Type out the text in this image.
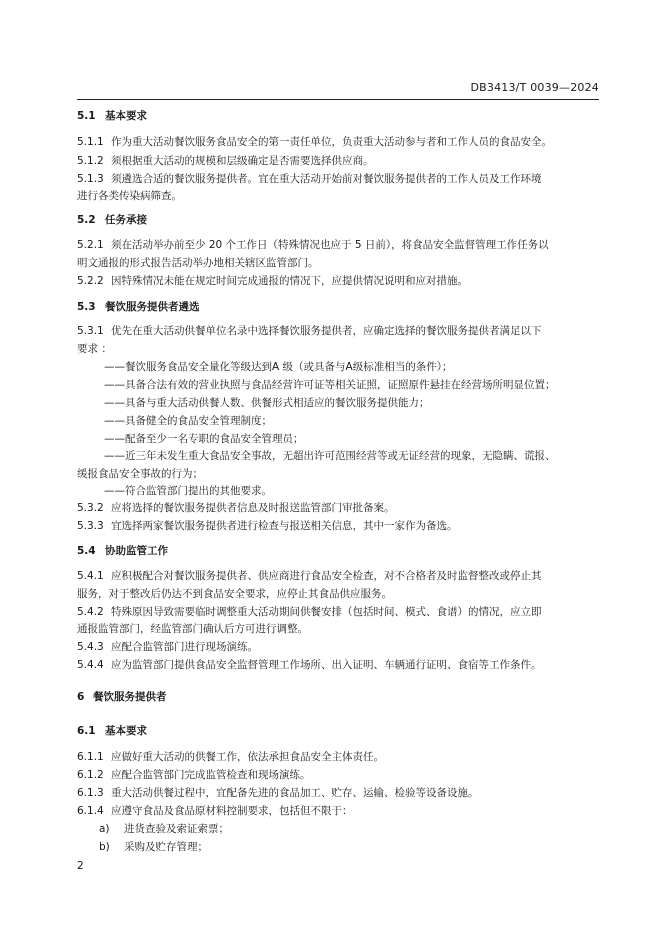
DB3413/T 0039—2024
5.1 基本要求
5.1.1 作为重大活动餐饮服务食品安全的第一责任单位，负责重大活动参与者和工作人员的食品安全。
5.1.2 须根据重大活动的规模和层级确定是否需要选择供应商。
5.1.3 须遴选合适的餐饮服务提供者。宜在重大活动开始前对餐饮服务提供者的工作人员及工作环境
进行各类传染病筛查。
5.2 任务承接
5.2.1 须在活动举办前至少 20 个工作日（特殊情况也应于 5 日前），将食品安全监督管理工作任务以
明文通报的形式报告活动举办地相关辖区监管部门。
5.2.2 因特殊情况未能在规定时间完成通报的情况下，应提供情况说明和应对措施。
5.3 餐饮服务提供者遴选
5.3.1 优先在重大活动供餐单位名录中选择餐饮服务提供者，应确定选择的餐饮服务提供者满足以下
要求 ：
——餐饮服务食品安全量化等级达到A 级（或具备与A级标准相当的条件）；
——具备合法有效的营业执照与食品经营许可证等相关证照，证照原件悬挂在经营场所明显位置；
——具备与重大活动供餐人数、供餐形式相适应的餐饮服务提供能力；
——具备健全的食品安全管理制度；
——配备至少一名专职的食品安全管理员；
——近三年未发生重大食品安全事故，无超出许可范围经营等或无证经营的现象，无隐瞒、谎报、
缓报食品安全事故的行为；
——符合监管部门提出的其他要求。
5.3.2 应将选择的餐饮服务提供者信息及时报送监管部门审批备案。
5.3.3 宜选择两家餐饮服务提供者进行检查与报送相关信息，其中一家作为备选。
5.4 协助监管工作
5.4.1 应积极配合对餐饮服务提供者、供应商进行食品安全检查，对不合格者及时监督整改或停止其
服务，对于整改后仍达不到食品安全要求，应停止其食品供应服务。
5.4.2 特殊原因导致需要临时调整重大活动期间供餐安排（包括时间、模式、食谱）的情况，应立即
通报监管部门，经监管部门确认后方可进行调整。
5.4.3 应配合监管部门进行现场演练。
5.4.4 应为监管部门提供食品安全监督管理工作场所、出入证明、车辆通行证明、食宿等工作条件。
6 餐饮服务提供者
6.1 基本要求
6.1.1 应做好重大活动的供餐工作，依法承担食品安全主体责任。
6.1.2 应配合监管部门完成监管检查和现场演练。
6.1.3 重大活动供餐过程中，宜配备先进的食品加工、贮存、运输、检验等设备设施。
6.1.4 应遵守食品及食品原材料控制要求，包括但不限于：
a) 进货查验及索证索票；
b) 采购及贮存管理；
2
